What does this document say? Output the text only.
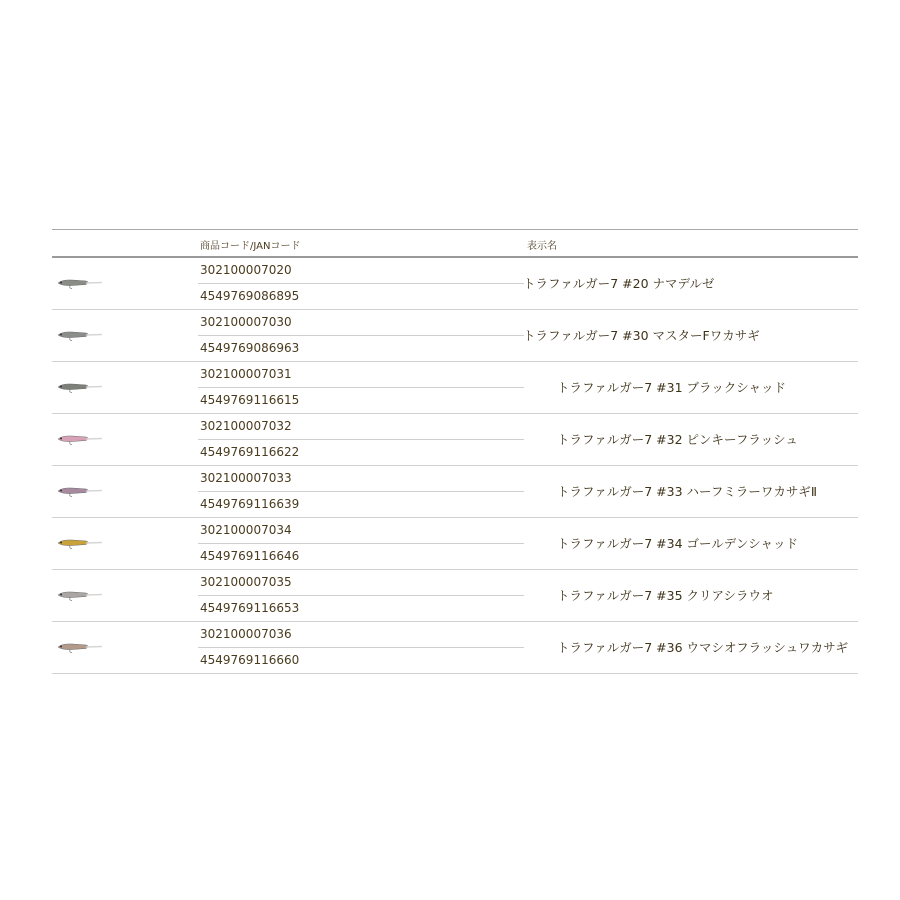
商品コード/JANコード	表示名
302100007020
4549769086895
トラファルガー7 #20 ナマデルゼ
302100007030
4549769086963
トラファルガー7 #30 マスターFワカサギ
302100007031
4549769116615
トラファルガー7 #31 ブラックシャッド
302100007032
4549769116622
トラファルガー7 #32 ピンキーフラッシュ
302100007033
4549769116639
トラファルガー7 #33 ハーフミラーワカサギⅡ
302100007034
4549769116646
トラファルガー7 #34 ゴールデンシャッド
302100007035
4549769116653
トラファルガー7 #35 クリアシラウオ
302100007036
4549769116660
トラファルガー7 #36 ウマシオフラッシュワカサギ
